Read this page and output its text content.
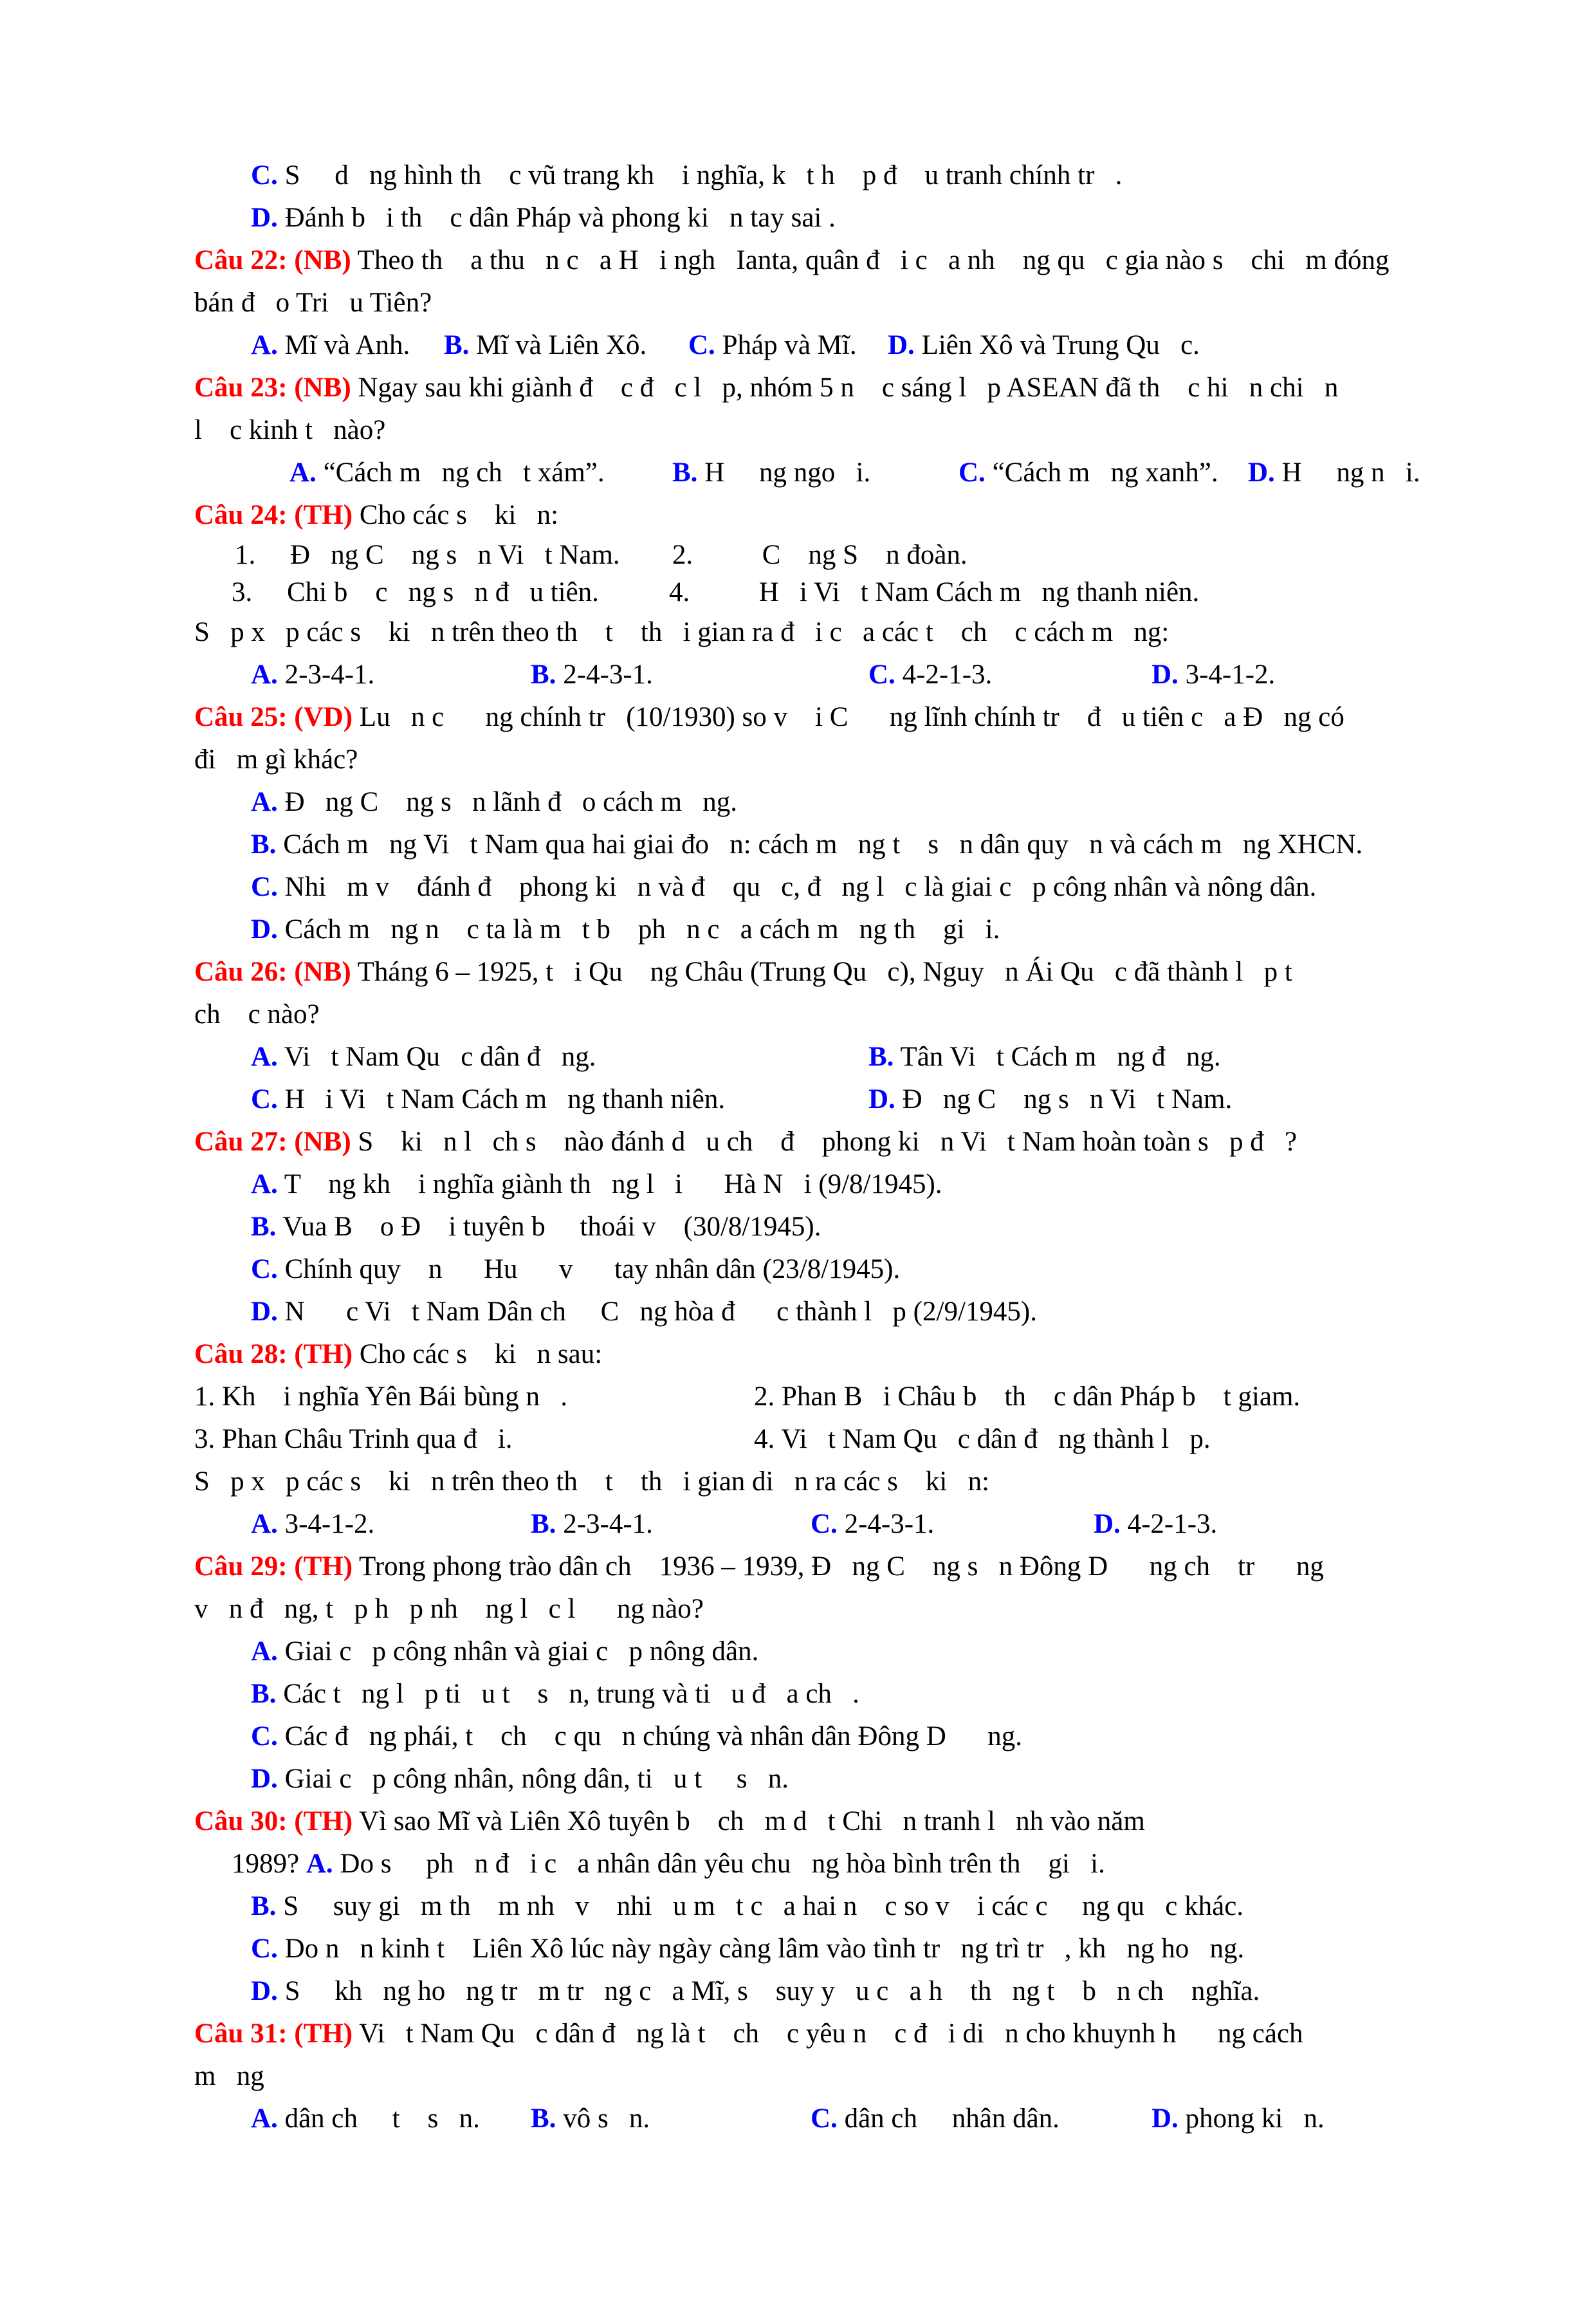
C. S     d   ng hình th    c vũ trang kh    i nghĩa, k   t h    p đ    u tranh chính tr   .
D. Đánh b   i th    c dân Pháp và phong ki   n tay sai .
Câu 22: (NB) Theo th    a thu   n c   a H   i ngh   Ianta, quân đ   i c   a nh    ng qu   c gia nào s    chi   m đóng
bán đ   o Tri   u Tiên?

A. Mĩ và Anh.

B. Mĩ và Liên Xô.

C. Pháp và Mĩ.

D. Liên Xô và Trung Qu   c.

Câu 23: (NB) Ngay sau khi giành đ    c đ   c l   p, nhóm 5 n    c sáng l   p ASEAN đã th    c hi   n chi   n
l    c kinh t   nào?

A. “Cách m   ng ch   t xám”.

B. H     ng ngo   i.

	C. “Cách m   ng xanh”.

D. H     ng n   i.

Câu 24: (TH) Cho các s    ki   n:

1.     Đ   ng C    ng s   n Vi   t Nam.

2.          C    ng S    n đoàn.

3.     Chi b    c   ng s   n đ   u tiên.

	4.          H   i Vi   t Nam Cách m   ng thanh niên.

S   p x   p các s    ki   n trên theo th    t    th   i gian ra đ   i c   a các t    ch    c cách m   ng:

A. 2-3-4-1.

	B. 2-4-3-1.

	C. 4-2-1-3.

	D. 3-4-1-2.

Câu 25: (VD) Lu   n c      ng chính tr   (10/1930) so v    i C      ng lĩnh chính tr    đ   u tiên c   a Đ   ng có
đi   m gì khác?
A. Đ   ng C    ng s   n lãnh đ   o cách m   ng.
B. Cách m   ng Vi   t Nam qua hai giai đo   n: cách m   ng t    s   n dân quy   n và cách m   ng XHCN.
C. Nhi   m v    đánh đ    phong ki   n và đ    qu   c, đ   ng l   c là giai c   p công nhân và nông dân.
D. Cách m   ng n    c ta là m   t b    ph   n c   a cách m   ng th    gi   i.
Câu 26: (NB) Tháng 6 – 1925, t   i Qu    ng Châu (Trung Qu   c), Nguy   n Ái Qu   c đã thành l   p t
ch    c nào?

A. Vi   t Nam Qu   c dân đ   ng.

	B. Tân Vi   t Cách m   ng đ   ng.

C. H   i Vi   t Nam Cách m   ng thanh niên.

	D. Đ   ng C    ng s   n Vi   t Nam.

Câu 27: (NB) S    ki   n l   ch s    nào đánh d   u ch    đ    phong ki   n Vi   t Nam hoàn toàn s   p đ   ?
A. T    ng kh    i nghĩa giành th   ng l   i      Hà N   i (9/8/1945).
B. Vua B    o Đ    i tuyên b     thoái v    (30/8/1945).
C. Chính quy    n      Hu      v      tay nhân dân (23/8/1945).
D. N      c Vi   t Nam Dân ch     C   ng hòa đ      c thành l   p (2/9/1945).
Câu 28: (TH) Cho các s    ki   n sau:

1. Kh    i nghĩa Yên Bái bùng n   .

	2. Phan B   i Châu b    th    c dân Pháp b    t giam.

3. Phan Châu Trinh qua đ   i.

	4. Vi   t Nam Qu   c dân đ   ng thành l   p.

S   p x   p các s    ki   n trên theo th    t    th   i gian di   n ra các s    ki   n:

A. 3-4-1-2.

	B. 2-3-4-1.

	C. 2-4-3-1.

	D. 4-2-1-3.

Câu 29: (TH) Trong phong trào dân ch    1936 – 1939, Đ   ng C    ng s   n Đông D      ng ch    tr      ng
v   n đ   ng, t   p h   p nh    ng l   c l      ng nào?
A. Giai c   p công nhân và giai c   p nông dân.
B. Các t   ng l   p ti   u t    s   n, trung và ti   u đ   a ch   .
C. Các đ   ng phái, t    ch    c qu   n chúng và nhân dân Đông D      ng.
D. Giai c   p công nhân, nông dân, ti   u t     s   n.
Câu 30: (TH) Vì sao Mĩ và Liên Xô tuyên b    ch   m d   t Chi   n tranh l   nh vào năm
1989? A. Do s     ph   n đ   i c   a nhân dân yêu chu   ng hòa bình trên th    gi   i.
B. S     suy gi   m th    m nh   v    nhi   u m   t c   a hai n    c so v    i các c     ng qu   c khác.
C. Do n   n kinh t    Liên Xô lúc này ngày càng lâm vào tình tr   ng trì tr   , kh   ng ho   ng.
D. S     kh   ng ho   ng tr   m tr   ng c   a Mĩ, s    suy y   u c   a h    th   ng t    b   n ch    nghĩa.
Câu 31: (TH) Vi   t Nam Qu   c dân đ   ng là t    ch    c yêu n    c đ   i di   n cho khuynh h      ng cách
m   ng

A. dân ch     t    s   n.

B. vô s   n.

	C. dân ch     nhân dân.

	D. phong ki   n.
